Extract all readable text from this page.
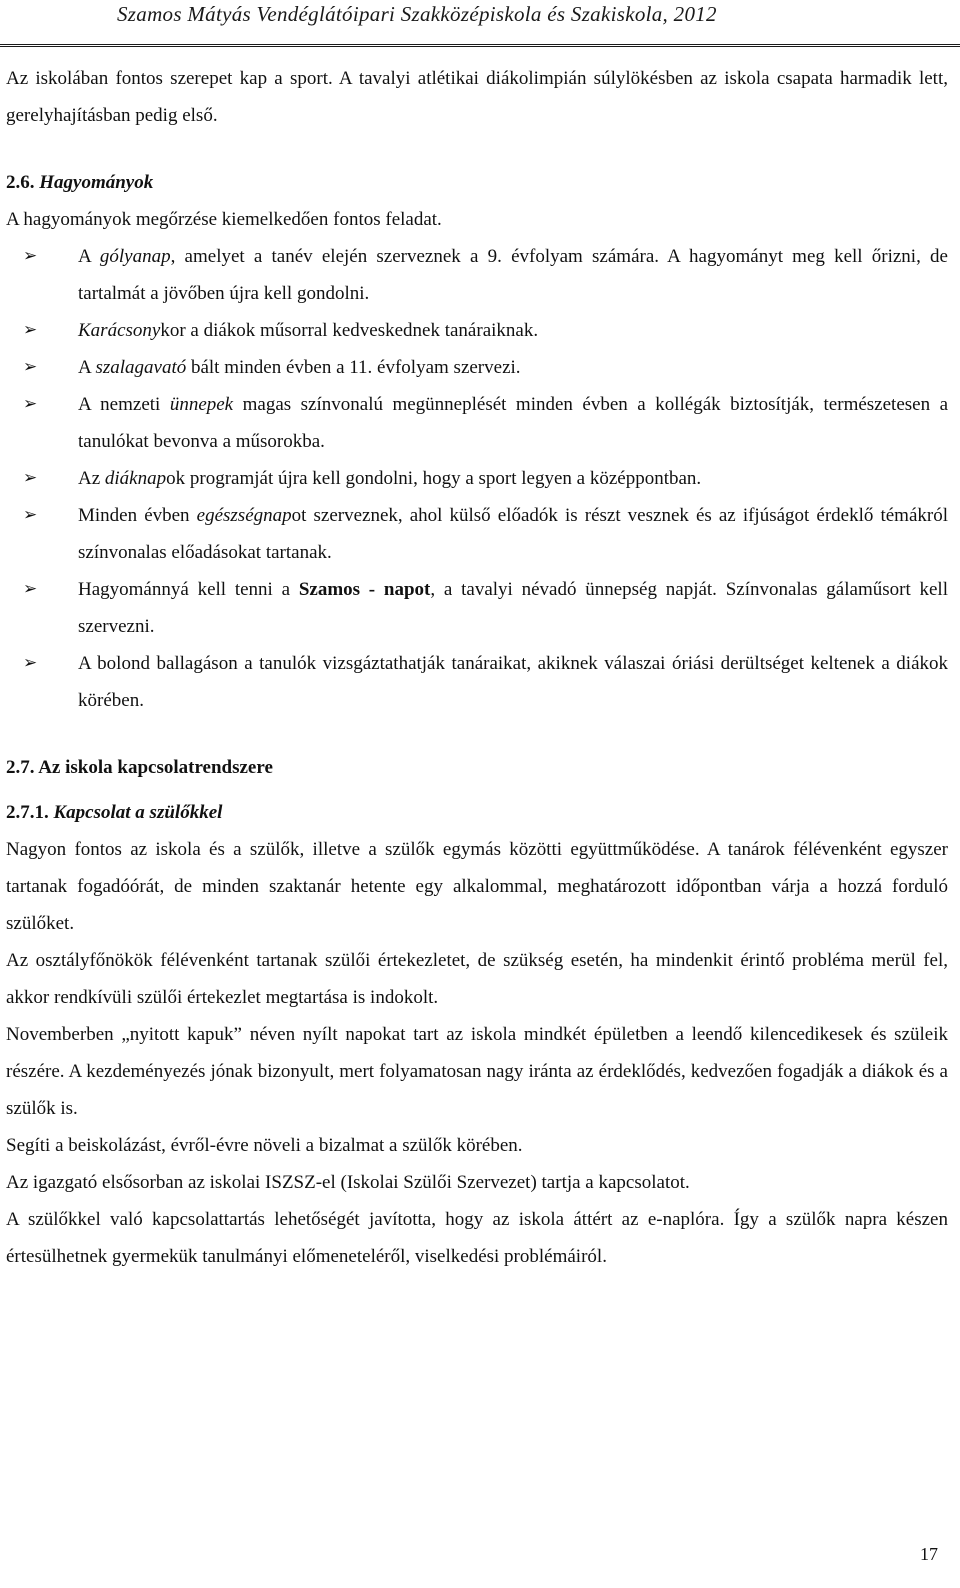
Szamos Mátyás Vendéglátóipari Szakközépiskola és Szakiskola, 2012

Az iskolában fontos szerepet kap a sport. A tavalyi atlétikai diákolimpián súlylökésben az iskola csapata harmadik lett, gerelyhajításban pedig első.

2.6. Hagyományok

A hagyományok megőrzése kiemelkedően fontos feladat.

➢ A gólyanap, amelyet a tanév elején szerveznek a 9. évfolyam számára. A hagyományt meg kell őrizni, de tartalmát a jövőben újra kell gondolni.
➢ Karácsonykor a diákok műsorral kedveskednek tanáraiknak.
➢ A szalagavató bált minden évben a 11. évfolyam szervezi.
➢ A nemzeti ünnepek magas színvonalú megünneplését minden évben a kollégák biztosítják, természetesen a tanulókat bevonva a műsorokba.
➢ Az diáknapok programját újra kell gondolni, hogy a sport legyen a középpontban.
➢ Minden évben egészségnapot szerveznek, ahol külső előadók is részt vesznek és az ifjúságot érdeklő témákról színvonalas előadásokat tartanak.
➢ Hagyománnyá kell tenni a Szamos - napot, a tavalyi névadó ünnepség napját. Színvonalas gálaműsort kell szervezni.
➢ A bolond ballagáson a tanulók vizsgáztathatják tanáraikat, akiknek válaszai óriási derültséget keltenek a diákok körében.

2.7. Az iskola kapcsolatrendszere

2.7.1. Kapcsolat a szülőkkel

Nagyon fontos az iskola és a szülők, illetve a szülők egymás közötti együttműködése. A tanárok félévenként egyszer tartanak fogadóórát, de minden szaktanár hetente egy alkalommal, meghatározott időpontban várja a hozzá forduló szülőket.

Az osztályfőnökök félévenként tartanak szülői értekezletet, de szükség esetén, ha mindenkit érintő probléma merül fel, akkor rendkívüli szülői értekezlet megtartása is indokolt.

Novemberben „nyitott kapuk” néven nyílt napokat tart az iskola mindkét épületben a leendő kilencedikesek és szüleik részére. A kezdeményezés jónak bizonyult, mert folyamatosan nagy iránta az érdeklődés, kedvezően fogadják a diákok és a szülők is.

Segíti a beiskolázást, évről-évre növeli a bizalmat a szülők körében.

Az igazgató elsősorban az iskolai ISZSZ-el (Iskolai Szülői Szervezet) tartja a kapcsolatot.

A szülőkkel való kapcsolattartás lehetőségét javította, hogy az iskola áttért az e-naplóra. Így a szülők napra készen értesülhetnek gyermekük tanulmányi előmeneteléről, viselkedési problémáiról.

17
